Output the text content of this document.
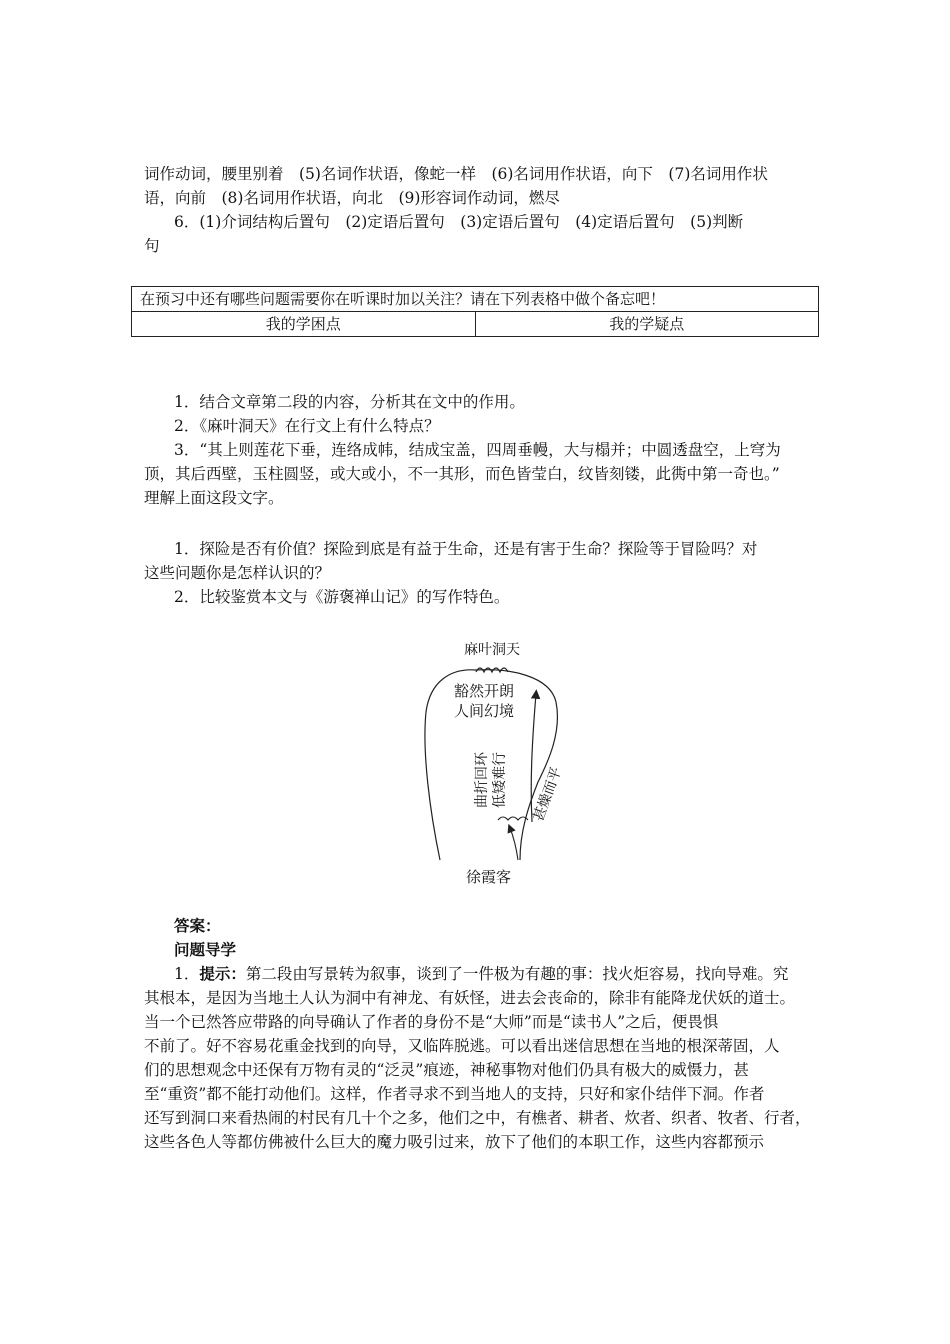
词作动词，腰里别着　(5)名词作状语，像蛇一样　(6)名词用作状语，向下　(7)名词用作状
语，向前　(8)名词用作状语，向北　(9)形容词作动词，燃尽
6．(1)介词结构后置句　(2)定语后置句　(3)定语后置句　(4)定语后置句　(5)判断
句
在预习中还有哪些问题需要你在听课时加以关注？请在下列表格中做个备忘吧！
我的学困点	我的学疑点
1．结合文章第二段的内容，分析其在文中的作用。
2．《麻叶洞天》在行文上有什么特点？
3．“其上则莲花下垂，连络成帏，结成宝盖，四周垂幔，大与榻并；中圆透盘空，上穹为
顶，其后西壁，玉柱圆竖，或大或小，不一其形，而色皆莹白，纹皆刻镂，此衖中第一奇也。”
理解上面这段文字。
1．探险是否有价值？探险到底是有益于生命，还是有害于生命？探险等于冒险吗？对
这些问题你是怎样认识的？
2．比较鉴赏本文与《游褒禅山记》的写作特色。
麻叶洞天
豁然开朗
人间幻境
曲折回环 低矮难行 甚燥而平
徐霞客
答案：
问题导学
1．提示：第二段由写景转为叙事，谈到了一件极为有趣的事：找火炬容易，找向导难。究
其根本，是因为当地土人认为洞中有神龙、有妖怪，进去会丧命的，除非有能降龙伏妖的道士。
当一个已然答应带路的向导确认了作者的身份不是“大师”而是“读书人”之后，便畏惧
不前了。好不容易花重金找到的向导，又临阵脱逃。可以看出迷信思想在当地的根深蒂固，人
们的思想观念中还保有万物有灵的“泛灵”痕迹，神秘事物对他们仍具有极大的威慑力，甚
至“重资”都不能打动他们。这样，作者寻求不到当地人的支持，只好和家仆结伴下洞。作者
还写到洞口来看热闹的村民有几十个之多，他们之中，有樵者、耕者、炊者、织者、牧者、行者，
这些各色人等都仿佛被什么巨大的魔力吸引过来，放下了他们的本职工作，这些内容都预示
